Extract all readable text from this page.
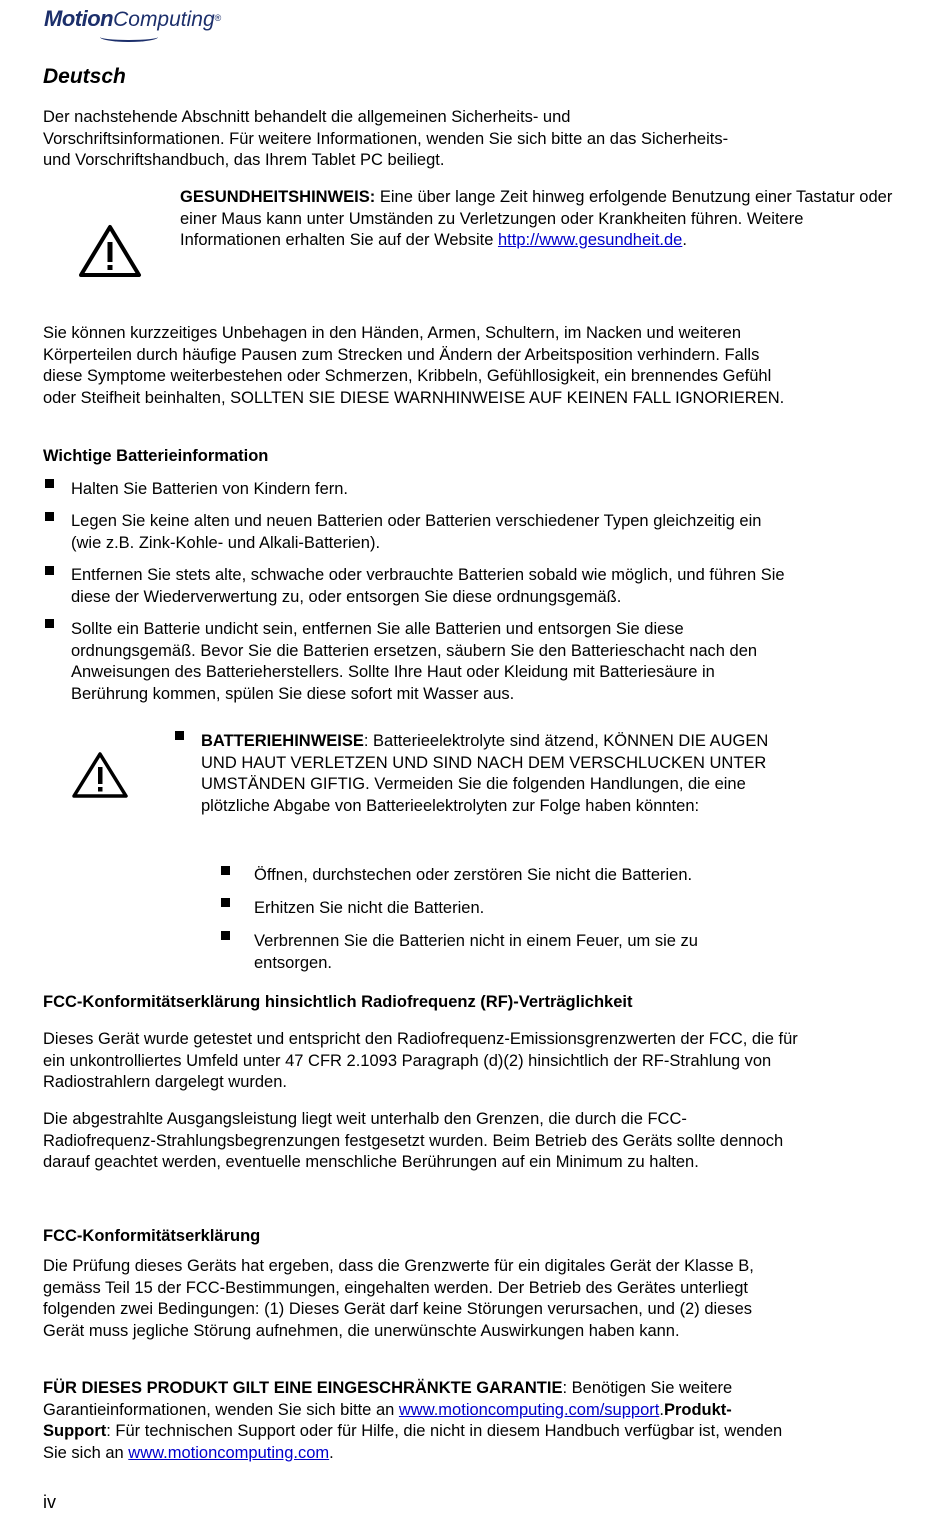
MotionComputing®
Deutsch

Der nachstehende Abschnitt behandelt die allgemeinen Sicherheits- und Vorschriftsinformationen. Für weitere Informationen, wenden Sie sich bitte an das Sicherheits- und Vorschriftshandbuch, das Ihrem Tablet PC beiliegt.

GESUNDHEITSHINWEIS: Eine über lange Zeit hinweg erfolgende Benutzung einer Tastatur oder einer Maus kann unter Umständen zu Verletzungen oder Krankheiten führen. Weitere Informationen erhalten Sie auf der Website http://www.gesundheit.de.

Sie können kurzzeitiges Unbehagen in den Händen, Armen, Schultern, im Nacken und weiteren Körperteilen durch häufige Pausen zum Strecken und Ändern der Arbeitsposition verhindern. Falls diese Symptome weiterbestehen oder Schmerzen, Kribbeln, Gefühllosigkeit, ein brennendes Gefühl oder Steifheit beinhalten, SOLLTEN SIE DIESE WARNHINWEISE AUF KEINEN FALL IGNORIEREN.

Wichtige Batterieinformation

Halten Sie Batterien von Kindern fern.

Legen Sie keine alten und neuen Batterien oder Batterien verschiedener Typen gleichzeitig ein (wie z.B. Zink-Kohle- und Alkali-Batterien).

Entfernen Sie stets alte, schwache oder verbrauchte Batterien sobald wie möglich, und führen Sie diese der Wiederverwertung zu, oder entsorgen Sie diese ordnungsgemäß.

Sollte ein Batterie undicht sein, entfernen Sie alle Batterien und entsorgen Sie diese ordnungsgemäß. Bevor Sie die Batterien ersetzen, säubern Sie den Batterieschacht nach den Anweisungen des Batterieherstellers. Sollte Ihre Haut oder Kleidung mit Batteriesäure in Berührung kommen, spülen Sie diese sofort mit Wasser aus.

BATTERIEHINWEISE: Batterieelektrolyte sind ätzend, KÖNNEN DIE AUGEN UND HAUT VERLETZEN UND SIND NACH DEM VERSCHLUCKEN UNTER UMSTÄNDEN GIFTIG. Vermeiden Sie die folgenden Handlungen, die eine plötzliche Abgabe von Batterieelektrolyten zur Folge haben könnten:

Öffnen, durchstechen oder zerstören Sie nicht die Batterien.

Erhitzen Sie nicht die Batterien.

Verbrennen Sie die Batterien nicht in einem Feuer, um sie zu entsorgen.

FCC-Konformitätserklärung hinsichtlich Radiofrequenz (RF)-Verträglichkeit

Dieses Gerät wurde getestet und entspricht den Radiofrequenz-Emissionsgrenzwerten der FCC, die für ein unkontrolliertes Umfeld unter 47 CFR 2.1093 Paragraph (d)(2) hinsichtlich der RF-Strahlung von Radiostrahlern dargelegt wurden.

Die abgestrahlte Ausgangsleistung liegt weit unterhalb den Grenzen, die durch die FCC-Radiofrequenz-Strahlungsbegrenzungen festgesetzt wurden. Beim Betrieb des Geräts sollte dennoch darauf geachtet werden, eventuelle menschliche Berührungen auf ein Minimum zu halten.

FCC-Konformitätserklärung

Die Prüfung dieses Geräts hat ergeben, dass die Grenzwerte für ein digitales Gerät der Klasse B, gemäss Teil 15 der FCC-Bestimmungen, eingehalten werden. Der Betrieb des Gerätes unterliegt folgenden zwei Bedingungen: (1) Dieses Gerät darf keine Störungen verursachen, und (2) dieses Gerät muss jegliche Störung aufnehmen, die unerwünschte Auswirkungen haben kann.

FÜR DIESES PRODUKT GILT EINE EINGESCHRÄNKTE GARANTIE: Benötigen Sie weitere Garantieinformationen, wenden Sie sich bitte an www.motioncomputing.com/support.Produkt-Support: Für technischen Support oder für Hilfe, die nicht in diesem Handbuch verfügbar ist, wenden Sie sich an www.motioncomputing.com.

iv
